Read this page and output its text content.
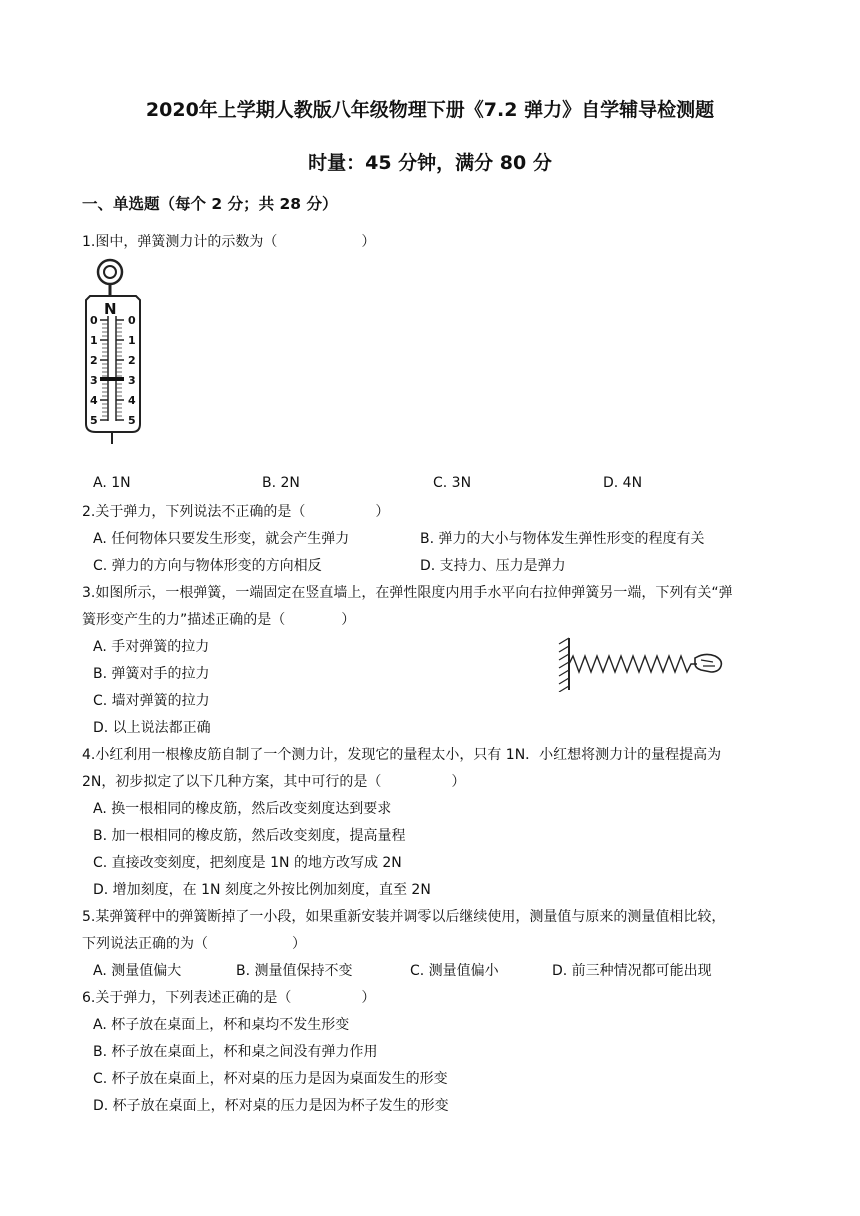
2020年上学期人教版八年级物理下册《7.2 弹力》自学辅导检测题
时量：45 分钟，满分 80 分
一、单选题（每个 2 分；共 28 分）
1.图中，弹簧测力计的示数为（　　　　　　）
N
0	0
1	1
2	2
3	3
4	4
5	5
A. 1N	B. 2N	C. 3N	D. 4N
2.关于弹力，下列说法不正确的是（　　　　　）
A. 任何物体只要发生形变，就会产生弹力	B. 弹力的大小与物体发生弹性形变的程度有关
C. 弹力的方向与物体形变的方向相反	D. 支持力、压力是弹力
3.如图所示，一根弹簧，一端固定在竖直墙上，在弹性限度内用手水平向右拉伸弹簧另一端，下列有关“弹
簧形变产生的力”描述正确的是（　　　　）
A. 手对弹簧的拉力
B. 弹簧对手的拉力
C. 墙对弹簧的拉力
D. 以上说法都正确
4.小红利用一根橡皮筋自制了一个测力计，发现它的量程太小，只有 1N．小红想将测力计的量程提高为
2N，初步拟定了以下几种方案，其中可行的是（　　　　　）
A. 换一根相同的橡皮筋，然后改变刻度达到要求
B. 加一根相同的橡皮筋，然后改变刻度，提高量程
C. 直接改变刻度，把刻度是 1N 的地方改写成 2N
D. 增加刻度，在 1N 刻度之外按比例加刻度，直至 2N
5.某弹簧秤中的弹簧断掉了一小段，如果重新安装并调零以后继续使用，测量值与原来的测量值相比较，
下列说法正确的为（　　　　　　）
A. 测量值偏大	B. 测量值保持不变	C. 测量值偏小	D. 前三种情况都可能出现
6.关于弹力，下列表述正确的是（　　　　　）
A. 杯子放在桌面上，杯和桌均不发生形变
B. 杯子放在桌面上，杯和桌之间没有弹力作用
C. 杯子放在桌面上，杯对桌的压力是因为桌面发生的形变
D. 杯子放在桌面上，杯对桌的压力是因为杯子发生的形变
